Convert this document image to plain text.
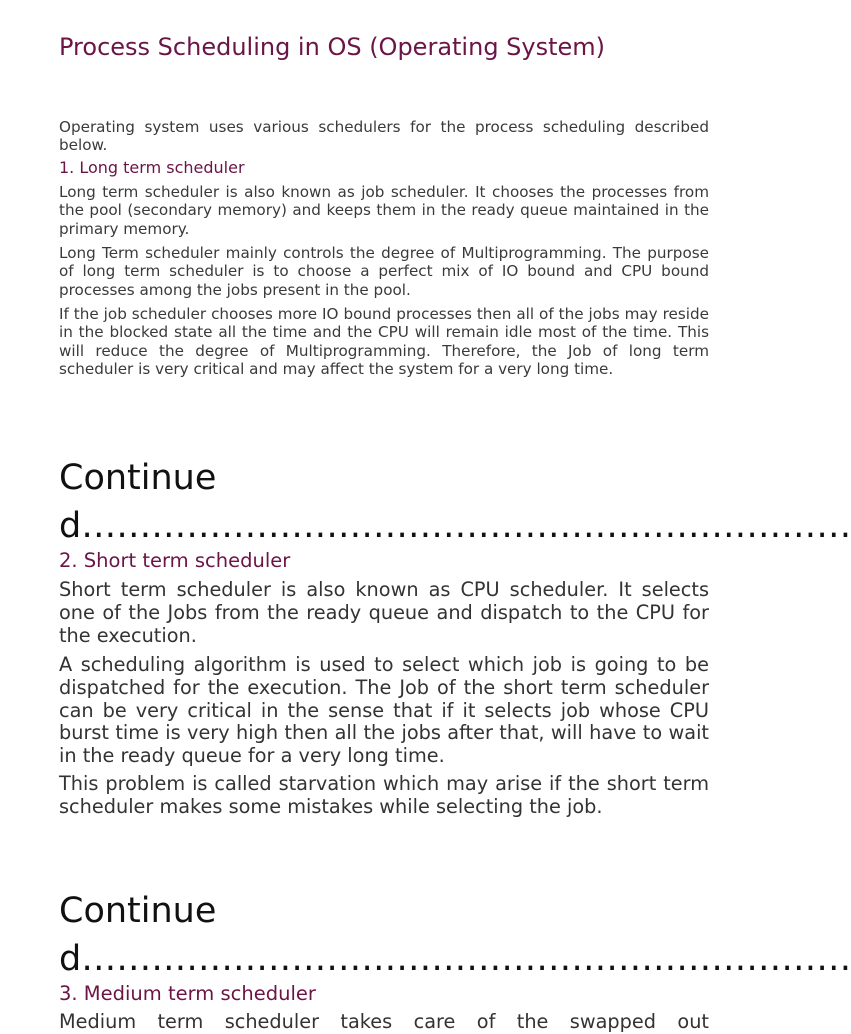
Process Scheduling in OS (Operating System)

Operating system uses various schedulers for the process scheduling described below.

1. Long term scheduler

Long term scheduler is also known as job scheduler. It chooses the processes from the pool (secondary memory) and keeps them in the ready queue maintained in the primary memory.

Long Term scheduler mainly controls the degree of Multiprogramming. The purpose of long term scheduler is to choose a perfect mix of IO bound and CPU bound processes among the jobs present in the pool.

If the job scheduler chooses more IO bound processes then all of the jobs may reside in the blocked state all the time and the CPU will remain idle most of the time. This will reduce the degree of Multiprogramming. Therefore, the Job of long term scheduler is very critical and may affect the system for a very long time.

Continued…………………………………………………………
2. Short term scheduler

Short term scheduler is also known as CPU scheduler. It selects one of the Jobs from the ready queue and dispatch to the CPU for the execution.

A scheduling algorithm is used to select which job is going to be dispatched for the execution. The Job of the short term scheduler can be very critical in the sense that if it selects job whose CPU burst time is very high then all the jobs after that, will have to wait in the ready queue for a very long time.

This problem is called starvation which may arise if the short term scheduler makes some mistakes while selecting the job.

Continued…………………………………………………………
3. Medium term scheduler

Medium term scheduler takes care of the swapped out
